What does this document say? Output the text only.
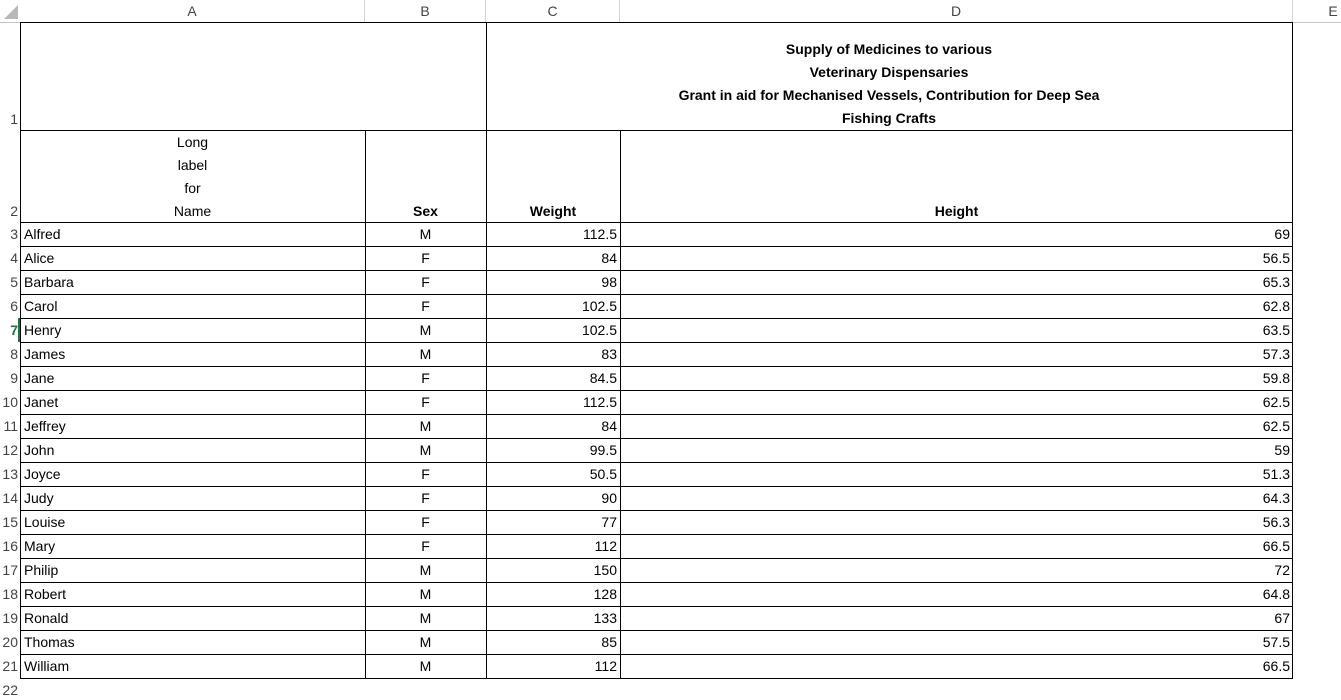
A	B	C	D	E
1
2
3
4
5
6
7
8
9
10
11
12
13
14
15
16
17
18
19
20
21
22
Supply of Medicines to various
Veterinary Dispensaries
Grant in aid for Mechanised Vessels, Contribution for Deep Sea
Fishing Crafts
Long
label
for
Name	Sex	Weight	Height
Alfred	M	112.5	69
Alice	F	84	56.5
Barbara	F	98	65.3
Carol	F	102.5	62.8
Henry	M	102.5	63.5
James	M	83	57.3
Jane	F	84.5	59.8
Janet	F	112.5	62.5
Jeffrey	M	84	62.5
John	M	99.5	59
Joyce	F	50.5	51.3
Judy	F	90	64.3
Louise	F	77	56.3
Mary	F	112	66.5
Philip	M	150	72
Robert	M	128	64.8
Ronald	M	133	67
Thomas	M	85	57.5
William	M	112	66.5
